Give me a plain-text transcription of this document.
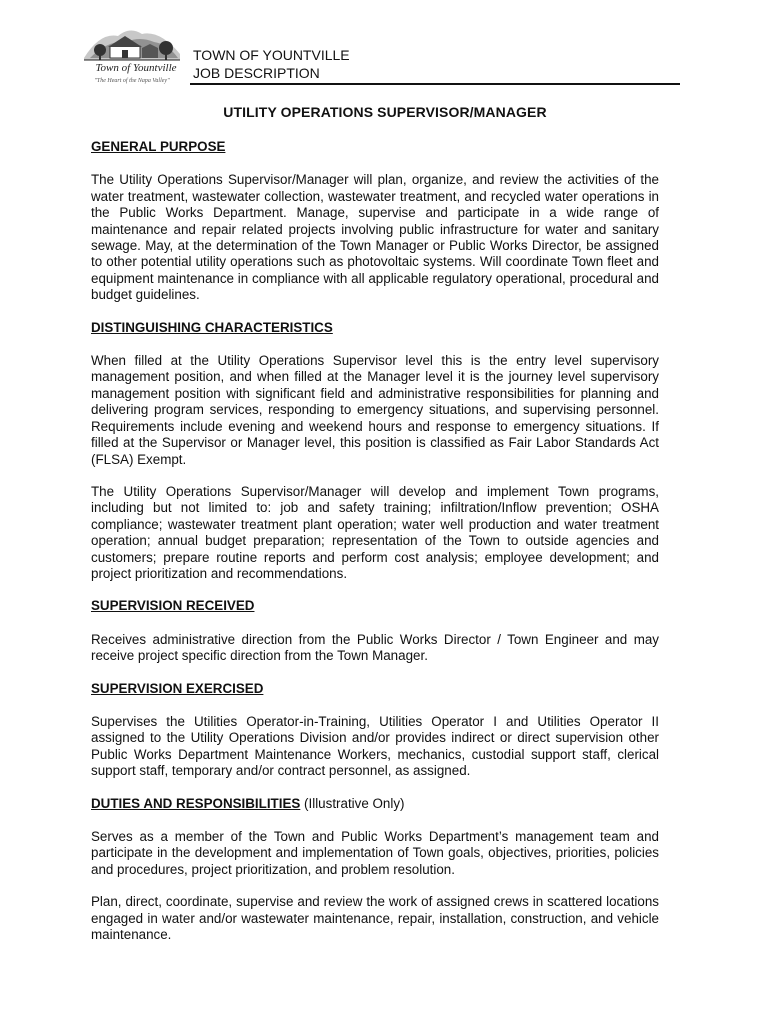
Town of Yountville
"The Heart of the Napa Valley"
TOWN OF YOUNTVILLE
JOB DESCRIPTION
UTILITY OPERATIONS SUPERVISOR/MANAGER
GENERAL PURPOSE

The Utility Operations Supervisor/Manager will plan, organize, and review the activities of the water treatment, wastewater collection, wastewater treatment, and recycled water operations in the Public Works Department. Manage, supervise and participate in a wide range of maintenance and repair related projects involving public infrastructure for water and sanitary sewage. May, at the determination of the Town Manager or Public Works Director, be assigned to other potential utility operations such as photovoltaic systems. Will coordinate Town fleet and equipment maintenance in compliance with all applicable regulatory operational, procedural and budget guidelines.

DISTINGUISHING CHARACTERISTICS

When filled at the Utility Operations Supervisor level this is the entry level supervisory management position, and when filled at the Manager level it is the journey level supervisory management position with significant field and administrative responsibilities for planning and delivering program services, responding to emergency situations, and supervising personnel. Requirements include evening and weekend hours and response to emergency situations. If filled at the Supervisor or Manager level, this position is classified as Fair Labor Standards Act (FLSA) Exempt.

The Utility Operations Supervisor/Manager will develop and implement Town programs, including but not limited to: job and safety training; infiltration/Inflow prevention; OSHA compliance; wastewater treatment plant operation; water well production and water treatment operation; annual budget preparation; representation of the Town to outside agencies and customers; prepare routine reports and perform cost analysis; employee development; and project prioritization and recommendations.

SUPERVISION RECEIVED

Receives administrative direction from the Public Works Director / Town Engineer and may receive project specific direction from the Town Manager.

SUPERVISION EXERCISED

Supervises the Utilities Operator-in-Training, Utilities Operator I and Utilities Operator II assigned to the Utility Operations Division and/or provides indirect or direct supervision other Public Works Department Maintenance Workers, mechanics, custodial support staff, clerical support staff, temporary and/or contract personnel, as assigned.

DUTIES AND RESPONSIBILITIES (Illustrative Only)

Serves as a member of the Town and Public Works Department’s management team and participate in the development and implementation of Town goals, objectives, priorities, policies and procedures, project prioritization, and problem resolution.

Plan, direct, coordinate, supervise and review the work of assigned crews in scattered locations engaged in water and/or wastewater maintenance, repair, installation, construction, and vehicle maintenance.
